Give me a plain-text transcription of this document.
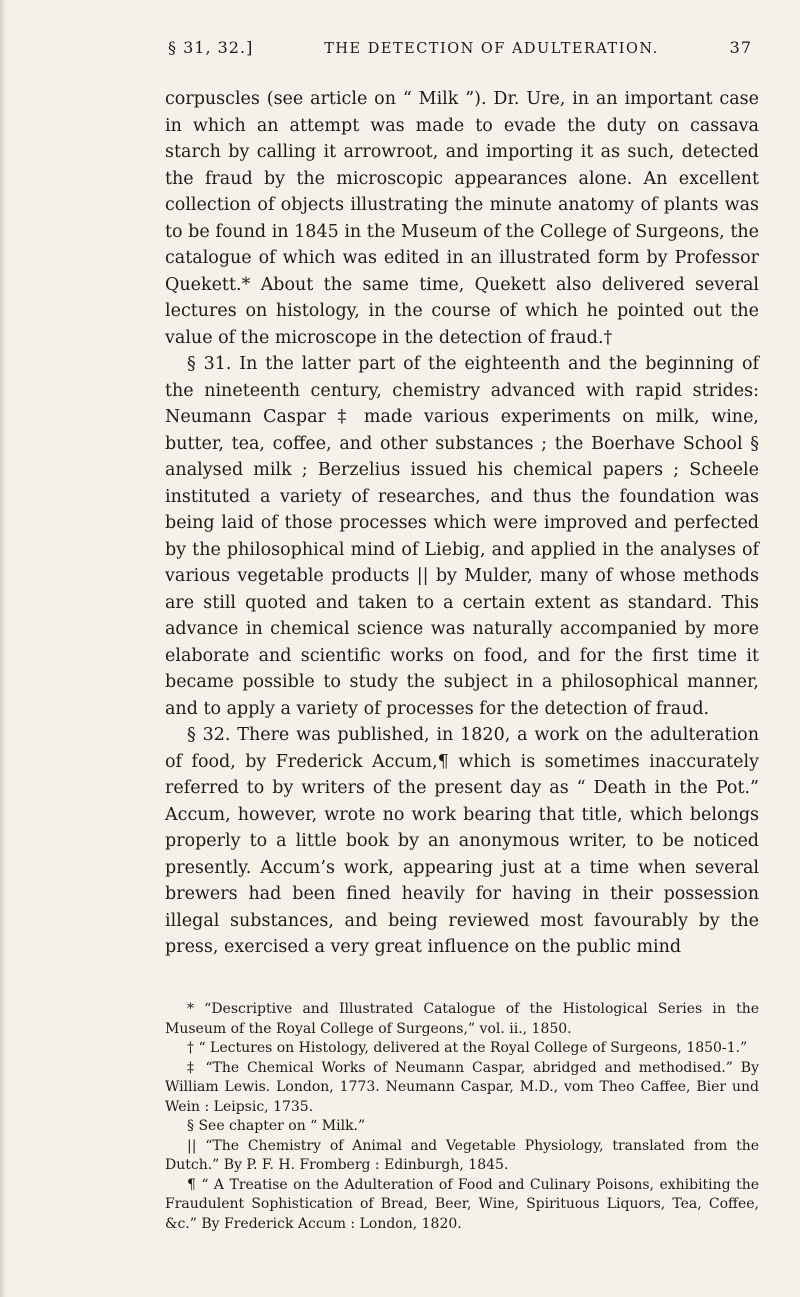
§ 31, 32.]	THE DETECTION OF ADULTERATION.	37

corpuscles (see article on “ Milk ”). Dr. Ure, in an important case in which an attempt was made to evade the duty on cassava starch by calling it arrowroot, and importing it as such, detected the fraud by the microscopic appearances alone. An excellent collection of objects illustrating the minute anatomy of plants was to be found in 1845 in the Museum of the College of Surgeons, the catalogue of which was edited in an illustrated form by Professor Quekett.* About the same time, Quekett also delivered several lectures on histology, in the course of which he pointed out the value of the microscope in the detection of fraud.†

§ 31. In the latter part of the eighteenth and the beginning of the nineteenth century, chemistry advanced with rapid strides: Neumann Caspar ‡ made various experiments on milk, wine, butter, tea, coffee, and other substances ; the Boerhave School § analysed milk ; Berzelius issued his chemical papers ; Scheele instituted a variety of researches, and thus the foundation was being laid of those processes which were improved and perfected by the philosophical mind of Liebig, and applied in the analyses of various vegetable products || by Mulder, many of whose methods are still quoted and taken to a certain extent as standard. This advance in chemical science was naturally accompanied by more elaborate and scientific works on food, and for the first time it became possible to study the subject in a philosophical manner, and to apply a variety of processes for the detection of fraud.

§ 32. There was published, in 1820, a work on the adulteration of food, by Frederick Accum,¶ which is sometimes inaccurately referred to by writers of the present day as “ Death in the Pot.” Accum, however, wrote no work bearing that title, which belongs properly to a little book by an anonymous writer, to be noticed presently. Accum’s work, appearing just at a time when several brewers had been fined heavily for having in their possession illegal substances, and being reviewed most favourably by the press, exercised a very great influence on the public mind

* “Descriptive and Illustrated Catalogue of the Histological Series in the Museum of the Royal College of Surgeons,” vol. ii., 1850.

† “ Lectures on Histology, delivered at the Royal College of Surgeons, 1850-1.”

‡ “The Chemical Works of Neumann Caspar, abridged and methodised.” By William Lewis. London, 1773. Neumann Caspar, M.D., vom Theo Caffee, Bier und Wein : Leipsic, 1735.

§ See chapter on “ Milk.”

|| “The Chemistry of Animal and Vegetable Physiology, translated from the Dutch.” By P. F. H. Fromberg : Edinburgh, 1845.

¶ “ A Treatise on the Adulteration of Food and Culinary Poisons, exhibiting the Fraudulent Sophistication of Bread, Beer, Wine, Spirituous Liquors, Tea, Coffee, &c.” By Frederick Accum : London, 1820.
